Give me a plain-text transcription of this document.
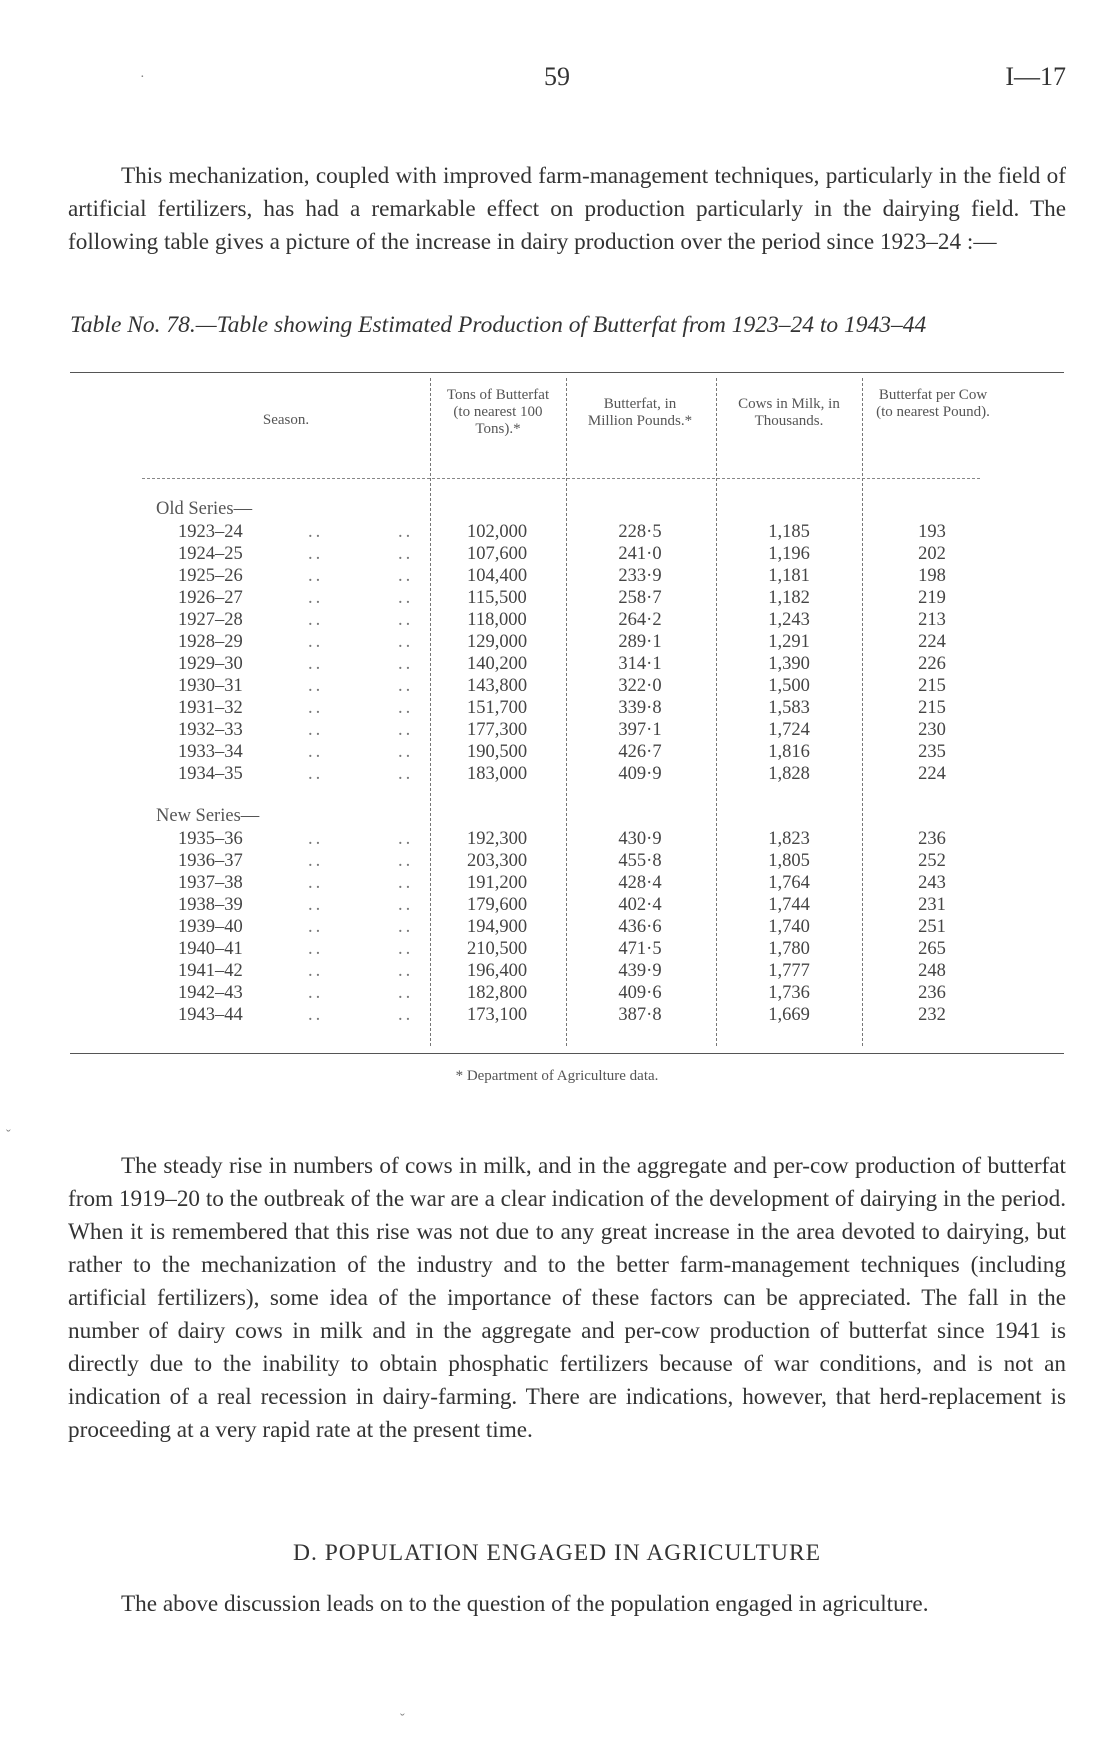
·	59	I—17
This mechanization, coupled with improved farm-management techniques, particularly in the field of artificial fertilizers, has had a remarkable effect on production particularly in the dairying field. The following table gives a picture of the increase in dairy production over the period since 1923–24 :—
Table No. 78.—Table showing Estimated Production of Butterfat from 1923–24 to 1943–44
Season.
Tons of Butterfat (to nearest 100 Tons).*
Butterfat, in Million Pounds.*
Cows in Milk, in Thousands.
Butterfat per Cow (to nearest Pound).
Old Series—
1923–24	..	..	102,000	228·5	1,185	193
1924–25	..	..	107,600	241·0	1,196	202
1925–26	..	..	104,400	233·9	1,181	198
1926–27	..	..	115,500	258·7	1,182	219
1927–28	..	..	118,000	264·2	1,243	213
1928–29	..	..	129,000	289·1	1,291	224
1929–30	..	..	140,200	314·1	1,390	226
1930–31	..	..	143,800	322·0	1,500	215
1931–32	..	..	151,700	339·8	1,583	215
1932–33	..	..	177,300	397·1	1,724	230
1933–34	..	..	190,500	426·7	1,816	235
1934–35	..	..	183,000	409·9	1,828	224
New Series—
1935–36	..	..	192,300	430·9	1,823	236
1936–37	..	..	203,300	455·8	1,805	252
1937–38	..	..	191,200	428·4	1,764	243
1938–39	..	..	179,600	402·4	1,744	231
1939–40	..	..	194,900	436·6	1,740	251
1940–41	..	..	210,500	471·5	1,780	265
1941–42	..	..	196,400	439·9	1,777	248
1942–43	..	..	182,800	409·6	1,736	236
1943–44	..	..	173,100	387·8	1,669	232
* Department of Agriculture data.
ˇ
The steady rise in numbers of cows in milk, and in the aggregate and per-cow production of butterfat from 1919–20 to the outbreak of the war are a clear indication of the development of dairying in the period. When it is remembered that this rise was not due to any great increase in the area devoted to dairying, but rather to the mechanization of the industry and to the better farm-management techniques (including artificial fertilizers), some idea of the importance of these factors can be appreciated. The fall in the number of dairy cows in milk and in the aggregate and per-cow production of butterfat since 1941 is directly due to the inability to obtain phosphatic fertilizers because of war conditions, and is not an indication of a real recession in dairy-farming. There are indications, however, that herd-replacement is proceeding at a very rapid rate at the present time.
D. POPULATION ENGAGED IN AGRICULTURE
The above discussion leads on to the question of the population engaged in agriculture.
ˇ
